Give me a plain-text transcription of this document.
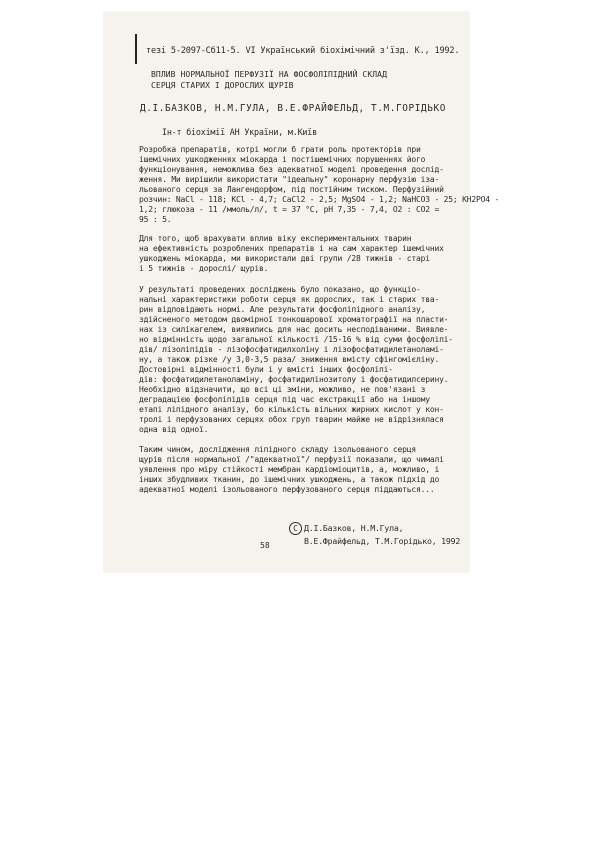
тезі 5-2097-Сб11-5. VI Український біохімічний з'їзд. К., 1992.
ВПЛИВ НОРМАЛЬНОЇ ПЕРФУЗІЇ НА ФОСФОЛІПІДНИЙ СКЛАД
СЕРЦЯ СТАРИХ І ДОРОСЛИХ ЩУРІВ
Д.І.БАЗКОВ, Н.М.ГУЛА, В.Е.ФРАЙФЕЛЬД, Т.М.ГОРІДЬКО
Ін-т біохімії АН України, м.Київ
Розробка препаратів, котрі могли б грати роль протекторів при
ішемічних ушкодженнях міокарда і постішемічних порушеннях його
функціонування, неможлива без адекватної моделі проведення дослід-
ження. Ми вирішили використати "ідеальну" коронарну перфузію іза-
льованого серця за Лангендорфом, під постійним тиском. Перфузійний
розчин: NaCl - 118; KCl - 4,7; CaCl2 - 2,5; MgSO4 - 1,2; NaHCO3 - 25; KH2PO4 -
1,2; глюкоза - 11 /ммоль/л/, t = 37 °C, pH 7,35 - 7,4, O2 : CO2 =
95 : 5.
Для того, щоб врахувати вплив віку експериментальних тварин
на ефективність розроблених препаратів і на сам характер ішемічних
ушкоджень міокарда, ми використали дві групи /28 тижнів - старі
і 5 тижнів - дорослі/ щурів.
У результаті проведених досліджень було показано, що функціо-
нальні характеристики роботи серця як дорослих, так і старих тва-
рин відповідають нормі. Але результати фосфоліпідного аналізу,
здійсненого методом двомірної тонкошарової хроматографії на пласти-
нах із силікагелем, виявились для нас досить несподіваними. Виявле-
но відмінність щодо загальної кількості /15-16 % від суми фосфоліпі-
дів/ лізоліпідів - лізофосфатидилхоліну і лізофосфатидилетаноламі-
ну, а також різке /у 3,0-3,5 раза/ зниження вмісту сфінгомієліну.
Достовірні відмінності були і у вмісті інших фосфоліпі-
дів: фосфатидилетаноламіну, фосфатидилінозитолу і фосфатидилсерину.
Необхідно відзначити, що всі ці зміни, можливо, не пов'язані з
деградацією фосфоліпідів серця під час екстракції або на іншому
етапі ліпідного аналізу, бо кількість вільних жирних кислот у кон-
тролі і перфузованих серцях обох груп тварин майже не відрізнялася
одна від одної.
Таким чином, дослідження ліпідного складу ізольованого серця
щурів після нормальної /"адекватної"/ перфузії показали, що чималі
уявлення про міру стійкості мембран кардіоміоцитів, а, можливо, і
інших збудливих тканин, до ішемічних ушкоджень, а також підхід до
адекватної моделі ізольованого перфузованого серця піддаються...
С Д.І.Базков, Н.М.Гула,
В.Е.Фрайфельд, Т.М.Горідько, 1992
58
